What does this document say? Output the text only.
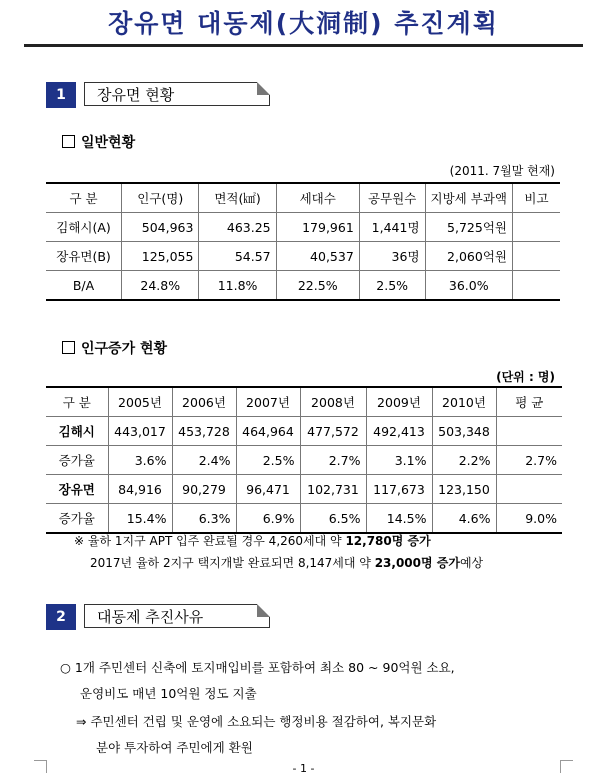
장유면 대동제(大洞制) 추진계획
1	장유면 현황
일반현황
(2011. 7월말 현재)
구 분	인구(명)	면적(㎢)	세대수	공무원수	지방세 부과액	비고
김해시(A)	504,963	463.25	179,961	1,441명	5,725억원	
장유면(B)	125,055	54.57	40,537	36명	2,060억원	
B/A	24.8%	11.8%	22.5%	2.5%	36.0%	
인구증가 현황
(단위 : 명)
구 분	2005년	2006년	2007년	2008년	2009년	2010년	평 균
김해시	443,017	453,728	464,964	477,572	492,413	503,348	
증가율	3.6%	2.4%	2.5%	2.7%	3.1%	2.2%	2.7%
장유면	84,916	90,279	96,471	102,731	117,673	123,150	
증가율	15.4%	6.3%	6.9%	6.5%	14.5%	4.6%	9.0%
※ 율하 1지구 APT 입주 완료될 경우 4,260세대 약 12,780명 증가
2017년 율하 2지구 택지개발 완료되면 8,147세대 약 23,000명 증가예상
2	대동제 추진사유
○ 1개 주민센터 신축에 토지매입비를 포함하여 최소 80 ~ 90억원 소요,
운영비도 매년 10억원 정도 지출
⇒ 주민센터 건립 및 운영에 소요되는 행정비용 절감하여, 복지문화
분야 투자하여 주민에게 환원
- 1 -
